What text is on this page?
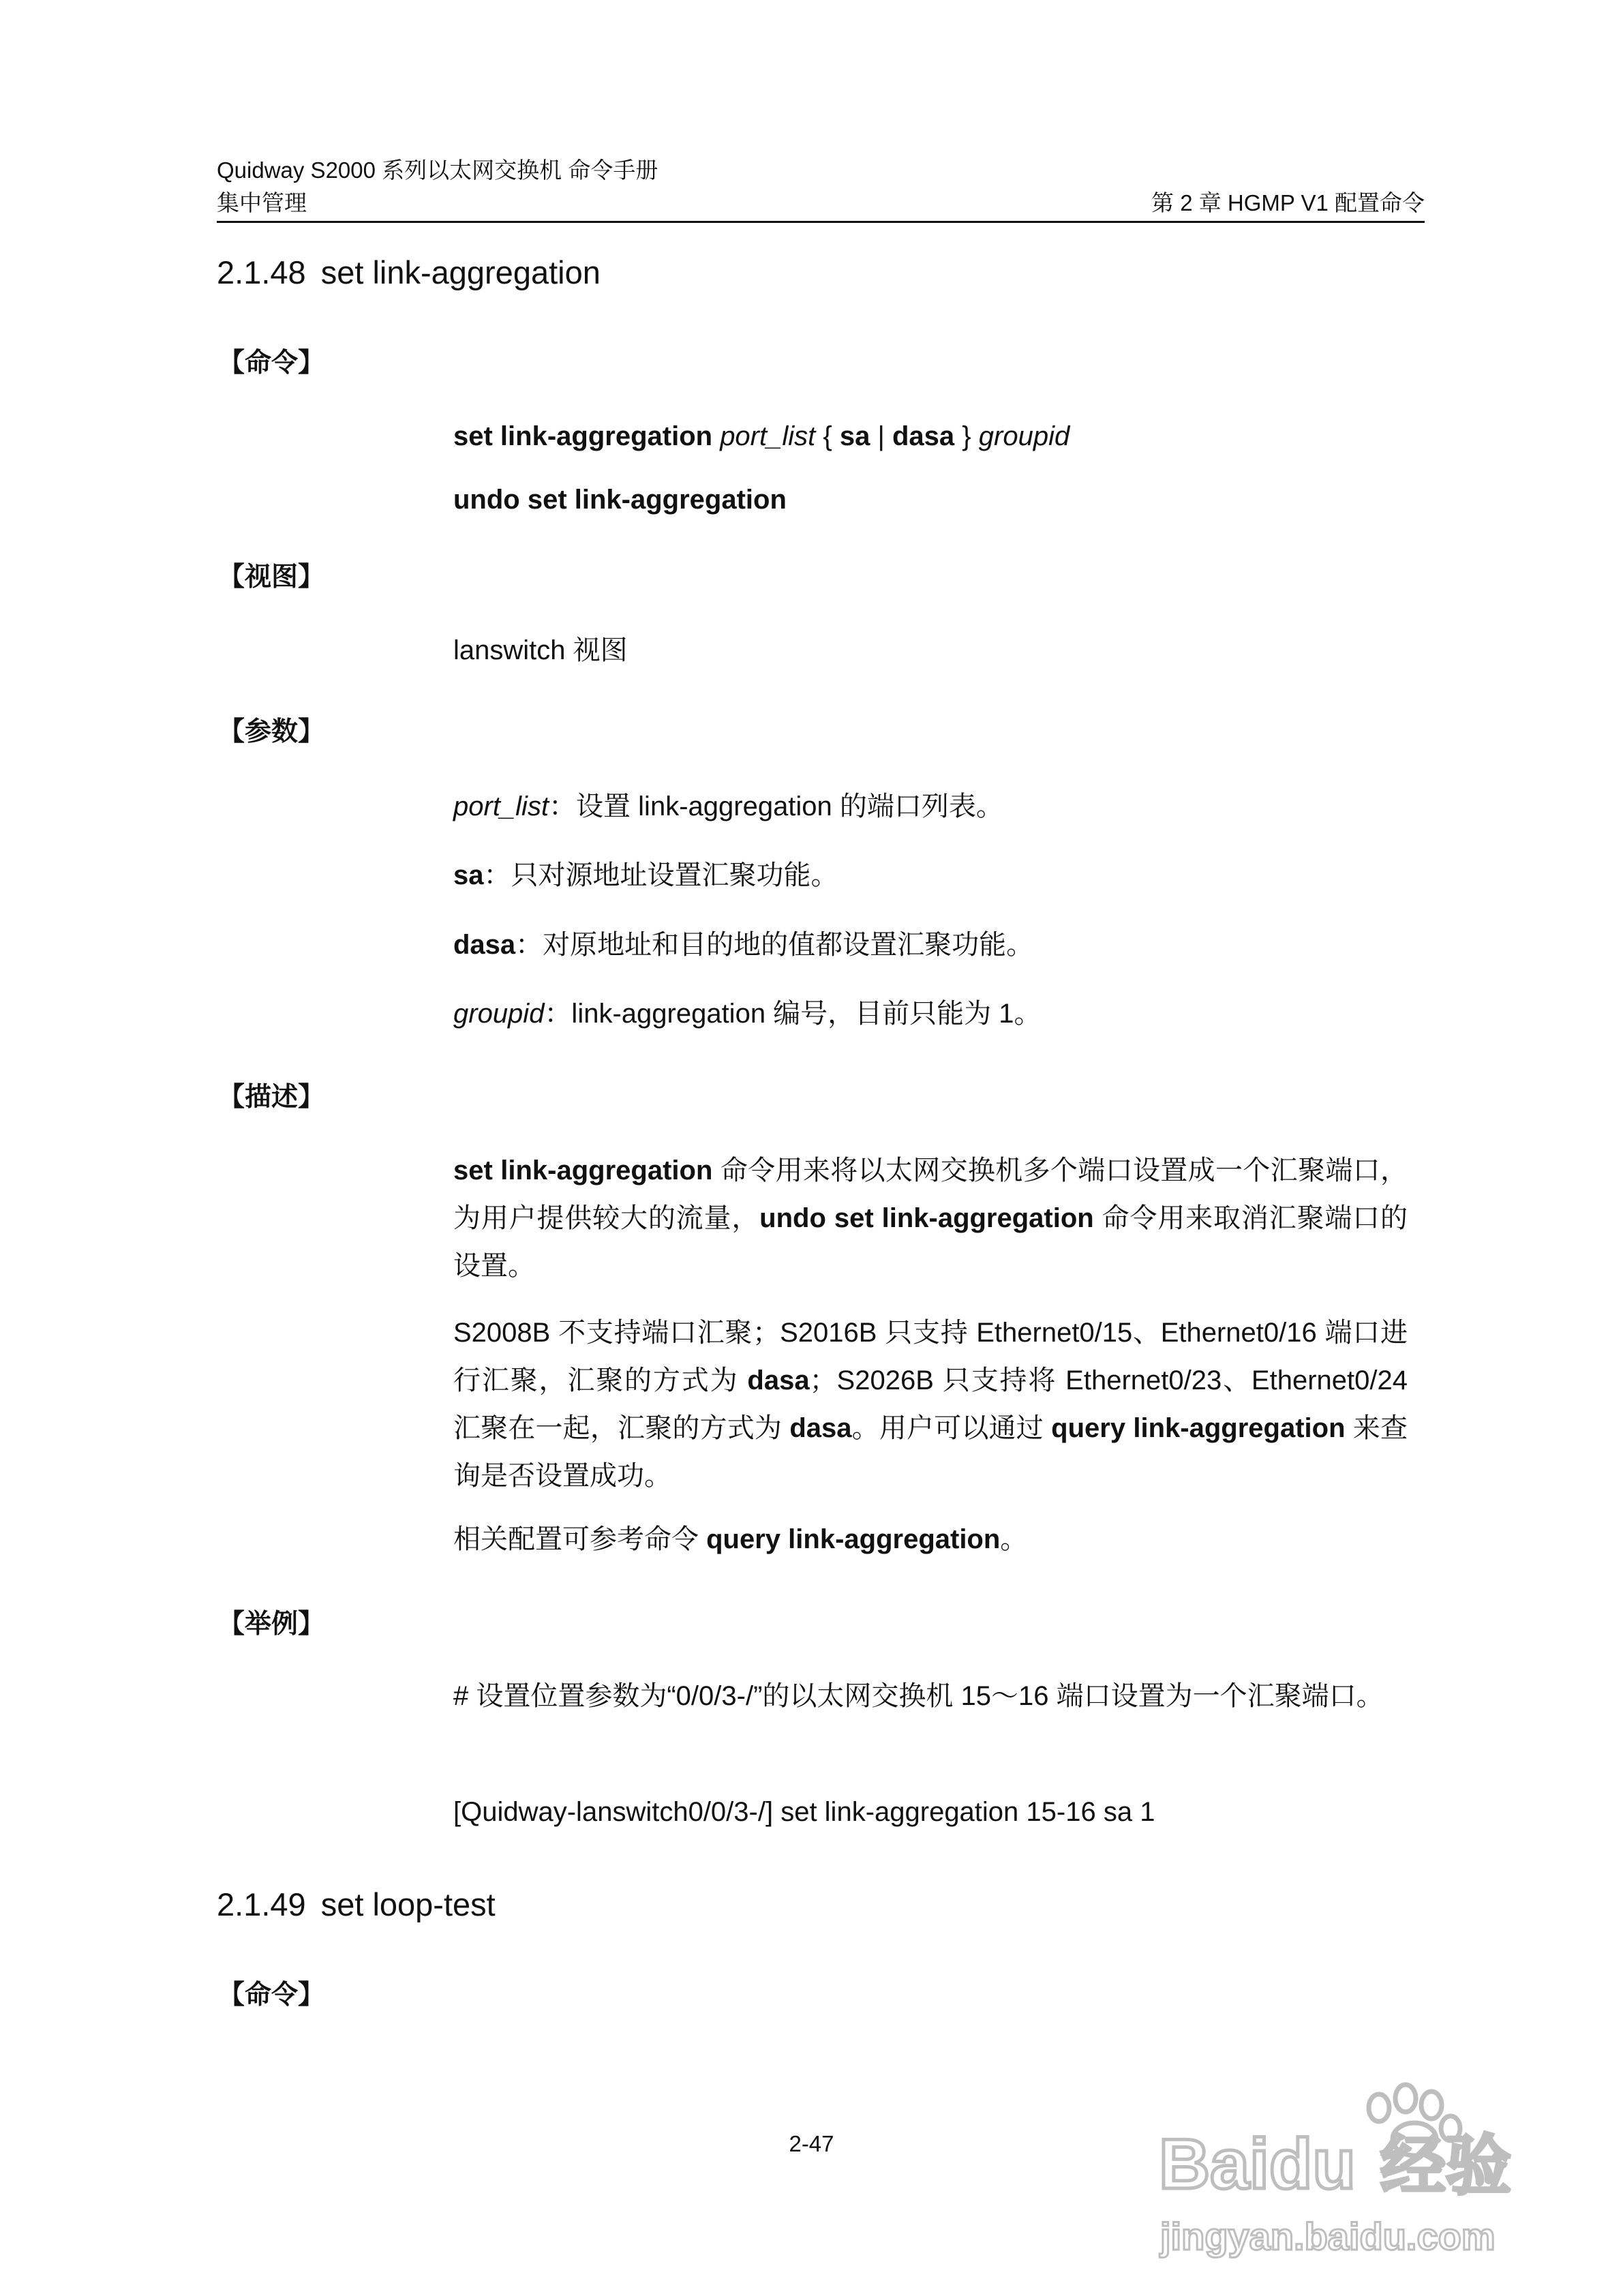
Quidway S2000 系列以太网交换机 命令手册
集中管理	第 2 章 HGMP V1 配置命令
2.1.48 set link-aggregation
【命令】
set link-aggregation port_list { sa | dasa } groupid
undo set link-aggregation
【视图】
lanswitch 视图
【参数】
port_list：设置 link-aggregation 的端口列表。
sa：只对源地址设置汇聚功能。
dasa：对原地址和目的地的值都设置汇聚功能。
groupid：link-aggregation 编号，目前只能为 1。
【描述】
set link-aggregation 命令用来将以太网交换机多个端口设置成一个汇聚端口，为用户提供较大的流量，undo set link-aggregation 命令用来取消汇聚端口的设置。
S2008B 不支持端口汇聚；S2016B 只支持 Ethernet0/15、Ethernet0/16 端口进行汇聚，汇聚的方式为 dasa；S2026B 只支持将 Ethernet0/23、Ethernet0/24 汇聚在一起，汇聚的方式为 dasa。用户可以通过 query link-aggregation 来查询是否设置成功。
相关配置可参考命令 query link-aggregation。
【举例】
# 设置位置参数为“0/0/3-/”的以太网交换机 15～16 端口设置为一个汇聚端口。
[Quidway-lanswitch0/0/3-/] set link-aggregation 15-16 sa 1
2.1.49 set loop-test
【命令】
2-47	Baidu 经验
jingyan.baidu.com
